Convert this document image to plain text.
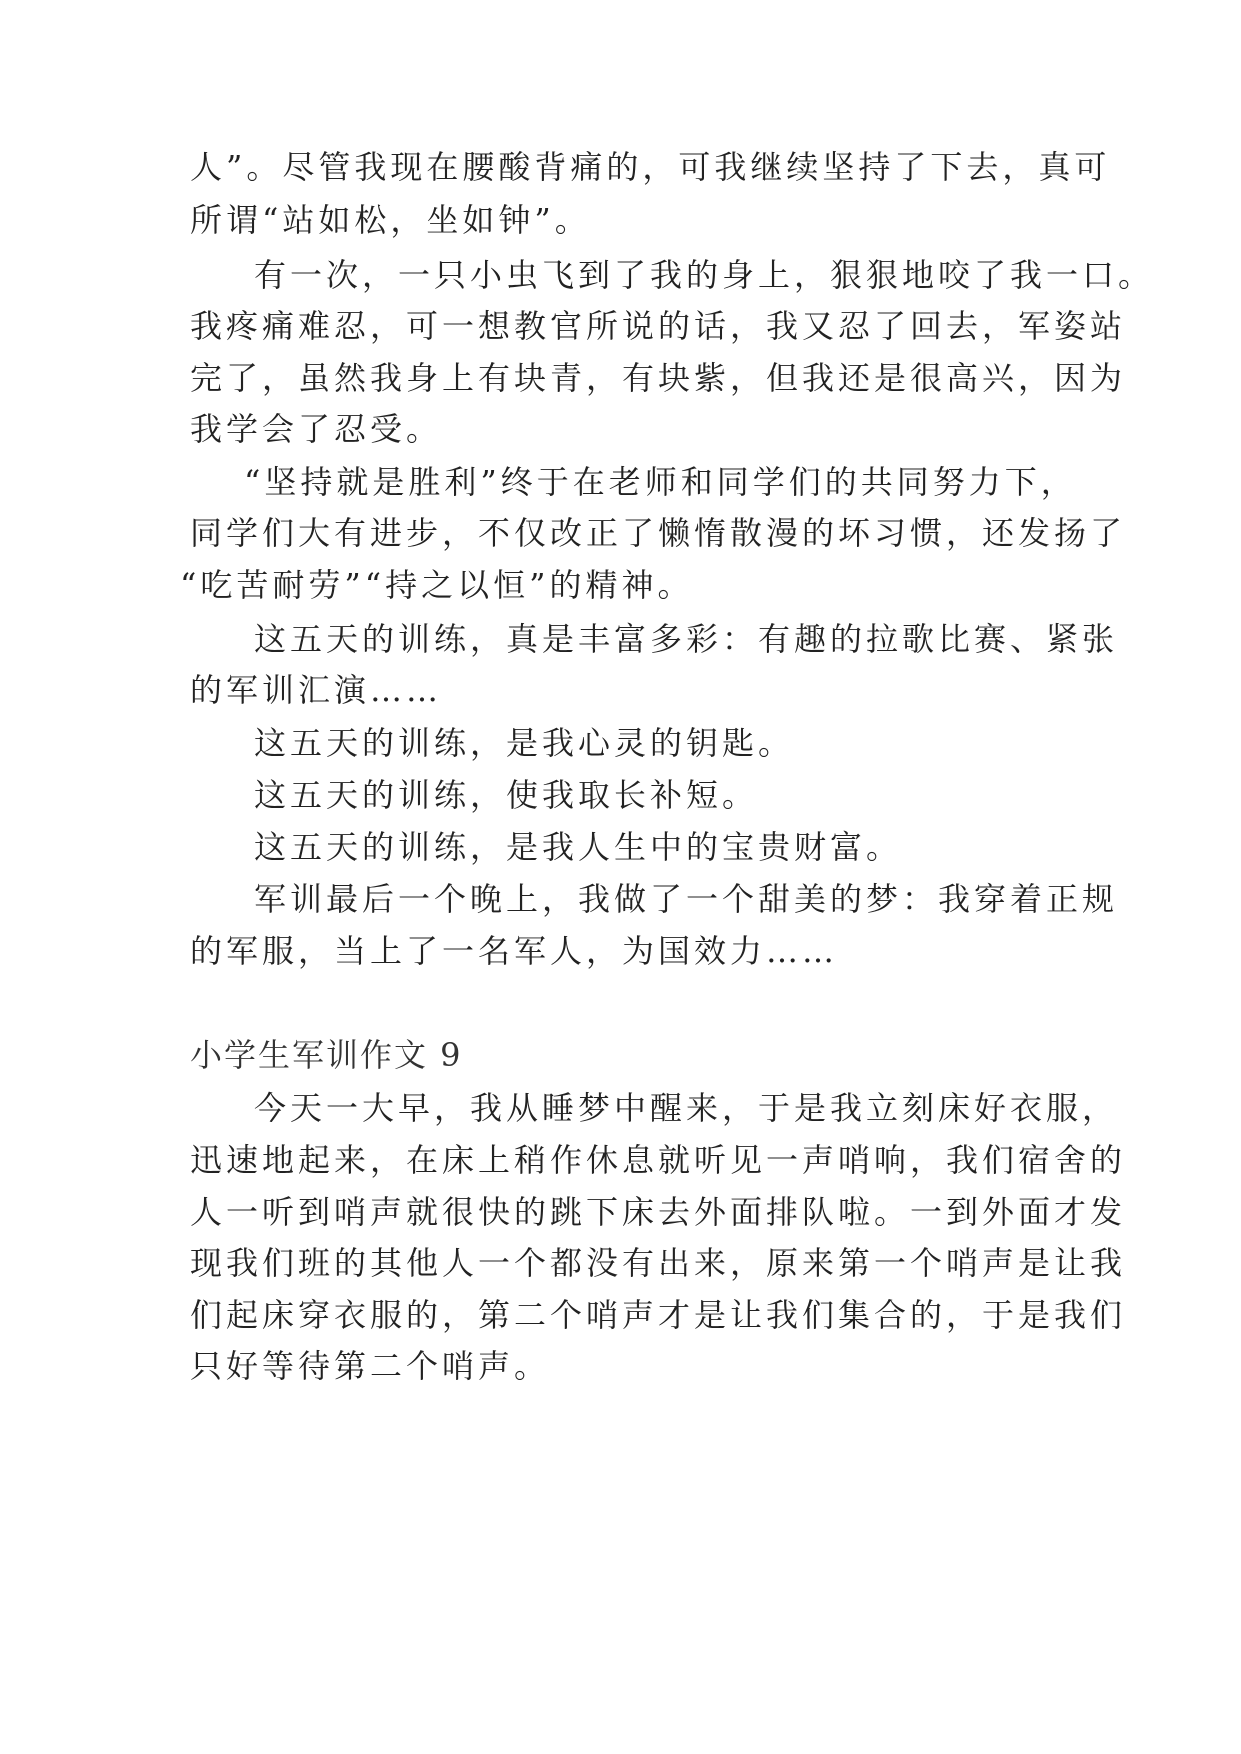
人”。尽管我现在腰酸背痛的，可我继续坚持了下去，真可
所谓“站如松，坐如钟”。
有一次，一只小虫飞到了我的身上，狠狠地咬了我一口。
我疼痛难忍，可一想教官所说的话，我又忍了回去，军姿站
完了，虽然我身上有块青，有块紫，但我还是很高兴，因为
我学会了忍受。
“坚持就是胜利”终于在老师和同学们的共同努力下，
同学们大有进步，不仅改正了懒惰散漫的坏习惯，还发扬了
“吃苦耐劳”“持之以恒”的精神。
这五天的训练，真是丰富多彩：有趣的拉歌比赛、紧张
的军训汇演……
这五天的训练，是我心灵的钥匙。
这五天的训练，使我取长补短。
这五天的训练，是我人生中的宝贵财富。
军训最后一个晚上，我做了一个甜美的梦：我穿着正规
的军服，当上了一名军人，为国效力……
小学生军训作文 9
今天一大早，我从睡梦中醒来，于是我立刻床好衣服，
迅速地起来，在床上稍作休息就听见一声哨响，我们宿舍的
人一听到哨声就很快的跳下床去外面排队啦。一到外面才发
现我们班的其他人一个都没有出来，原来第一个哨声是让我
们起床穿衣服的，第二个哨声才是让我们集合的，于是我们
只好等待第二个哨声。
